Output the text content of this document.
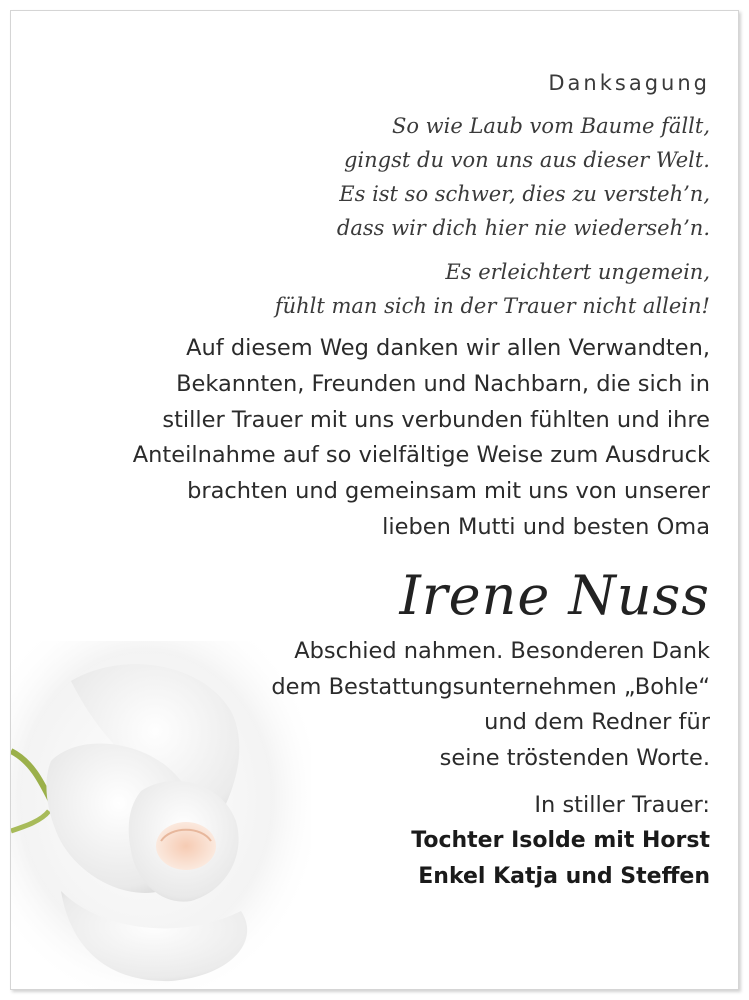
Danksagung
So wie Laub vom Baume fällt,
gingst du von uns aus dieser Welt.
Es ist so schwer, dies zu versteh’n,
dass wir dich hier nie wiederseh’n.
Es erleichtert ungemein,
fühlt man sich in der Trauer nicht allein!
Auf diesem Weg danken wir allen Verwandten,
Bekannten, Freunden und Nachbarn, die sich in
stiller Trauer mit uns verbunden fühlten und ihre
Anteilnahme auf so vielfältige Weise zum Ausdruck
brachten und gemeinsam mit uns von unserer
lieben Mutti und besten Oma
Irene Nuss
Abschied nahmen. Besonderen Dank
dem Bestattungsunternehmen „Bohle“
und dem Redner für
seine tröstenden Worte.
In stiller Trauer:
Tochter Isolde mit Horst
Enkel Katja und Steffen
